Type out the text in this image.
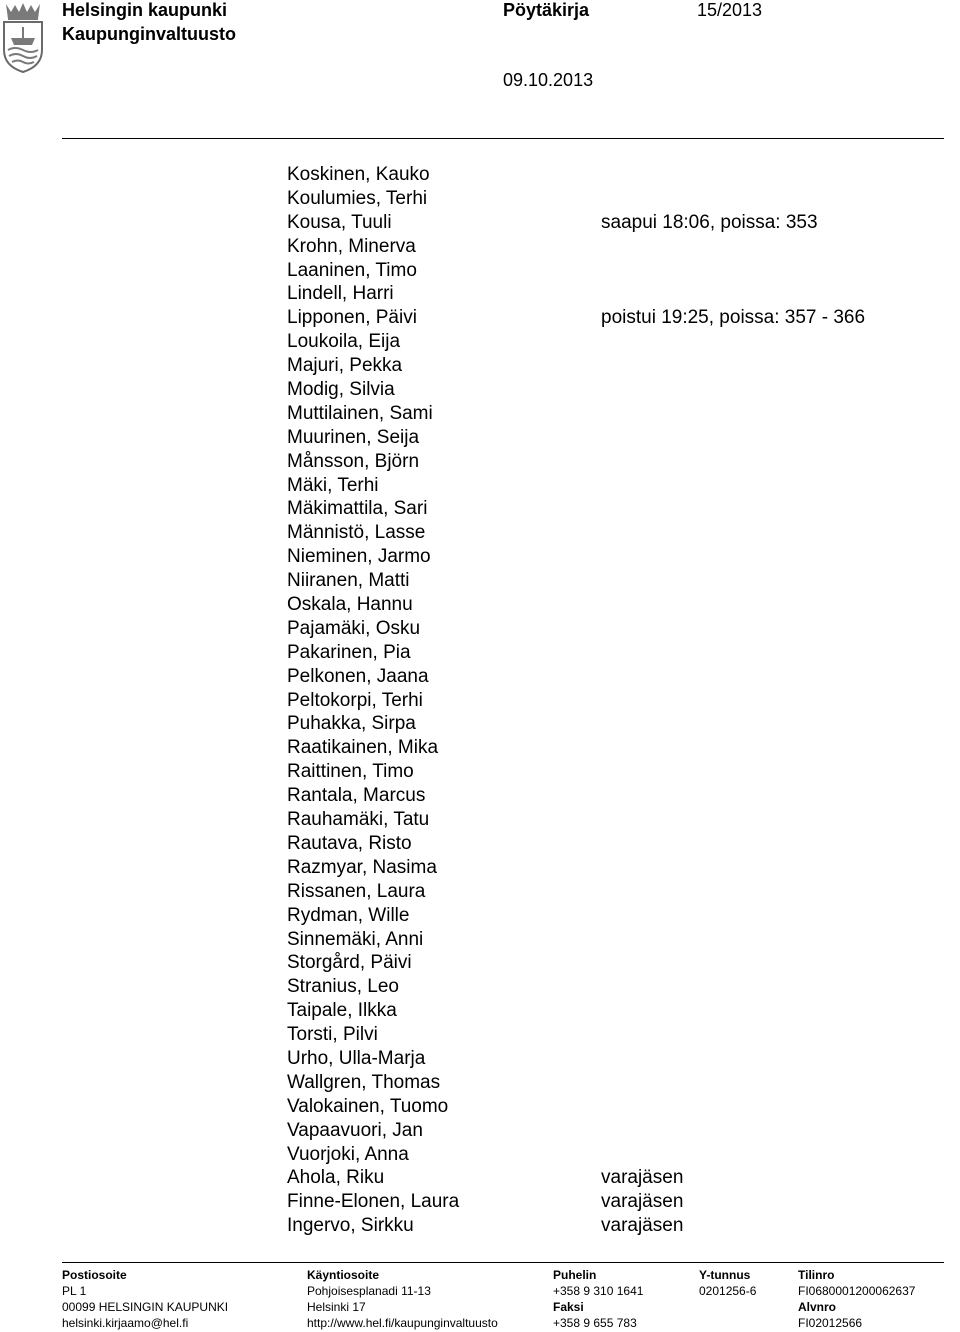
Helsingin kaupunki
Kaupunginvaltuusto
Pöytäkirja	15/2013
09.10.2013
Koskinen, Kauko
Koulumies, Terhi
Kousa, Tuuli	saapui 18:06, poissa: 353
Krohn, Minerva
Laaninen, Timo
Lindell, Harri
Lipponen, Päivi	poistui 19:25, poissa: 357 - 366
Loukoila, Eija
Majuri, Pekka
Modig, Silvia
Muttilainen, Sami
Muurinen, Seija
Månsson, Björn
Mäki, Terhi
Mäkimattila, Sari
Männistö, Lasse
Nieminen, Jarmo
Niiranen, Matti
Oskala, Hannu
Pajamäki, Osku
Pakarinen, Pia
Pelkonen, Jaana
Peltokorpi, Terhi
Puhakka, Sirpa
Raatikainen, Mika
Raittinen, Timo
Rantala, Marcus
Rauhamäki, Tatu
Rautava, Risto
Razmyar, Nasima
Rissanen, Laura
Rydman, Wille
Sinnemäki, Anni
Storgård, Päivi
Stranius, Leo
Taipale, Ilkka
Torsti, Pilvi
Urho, Ulla-Marja
Wallgren, Thomas
Valokainen, Tuomo
Vapaavuori, Jan
Vuorjoki, Anna
Ahola, Riku	varajäsen
Finne-Elonen, Laura	varajäsen
Ingervo, Sirkku	varajäsen
Postiosoite
PL 1
00099 HELSINGIN KAUPUNKI
helsinki.kirjaamo@hel.fi
Käyntiosoite
Pohjoisesplanadi 11-13
Helsinki 17
http://www.hel.fi/kaupunginvaltuusto
Puhelin
+358 9 310 1641
Faksi
+358 9 655 783
Y-tunnus
0201256-6
Tilinro
FI0680001200062637
Alvnro
FI02012566
